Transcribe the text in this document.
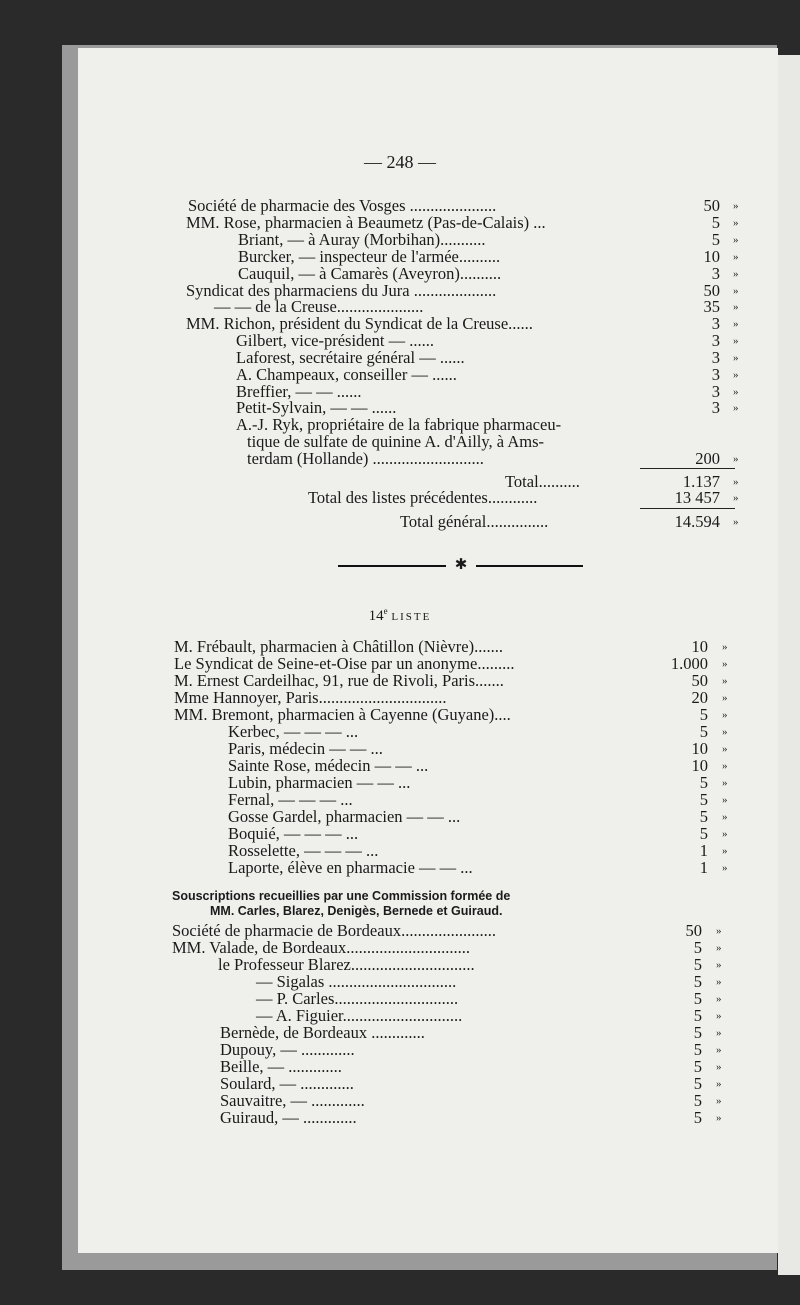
— 248 —
Société de pharmacie des Vosges .....................	50 »
MM. Rose, pharmacien à Beaumetz (Pas-de-Calais) ...	5 »
Briant, — à Auray (Morbihan)...........	5 »
Burcker, — inspecteur de l'armée..........	10 »
Cauquil, — à Camarès (Aveyron)..........	3 »
Syndicat des pharmaciens du Jura ....................	50 »
— — de la Creuse.....................	35 »
MM. Richon, président du Syndicat de la Creuse......	3 »
Gilbert, vice-président — ......	3 »
Laforest, secrétaire général — ......	3 »
A. Champeaux, conseiller — ......	3 »
Breffier, — — ......	3 »
Petit-Sylvain, — — ......	3 »
A.-J. Ryk, propriétaire de la fabrique pharmaceu-
tique de sulfate de quinine A. d'Ailly, à Ams-
terdam (Hollande) ...........................	200 »
Total..........	1.137 »
Total des listes précédentes............	13 457 »
Total général...............	14.594 »
✱
14e LISTE
M. Frébault, pharmacien à Châtillon (Nièvre).......	10 »
Le Syndicat de Seine-et-Oise par un anonyme.........	1.000 »
M. Ernest Cardeilhac, 91, rue de Rivoli, Paris.......	50 »
Mme Hannoyer, Paris...............................	20 »
MM. Bremont, pharmacien à Cayenne (Guyane)....	5 »
Kerbec, — — — ...	5 »
Paris, médecin — — ...	10 »
Sainte Rose, médecin — — ...	10 »
Lubin, pharmacien — — ...	5 »
Fernal, — — — ...	5 »
Gosse Gardel, pharmacien — — ...	5 »
Boquié, — — — ...	5 »
Rosselette, — — — ...	1 »
Laporte, élève en pharmacie — — ...	1 »
Souscriptions recueillies par une Commission formée de
MM. Carles, Blarez, Denigès, Bernede et Guiraud.
Société de pharmacie de Bordeaux.......................	50 »
MM. Valade, de Bordeaux..............................	5 »
le Professeur Blarez..............................	5 »
— Sigalas ...............................	5 »
— P. Carles..............................	5 »
— A. Figuier.............................	5 »
Bernède, de Bordeaux .............	5 »
Dupouy, — .............	5 »
Beille, — .............	5 »
Soulard, — .............	5 »
Sauvaitre, — .............	5 »
Guiraud, — .............	5 »
